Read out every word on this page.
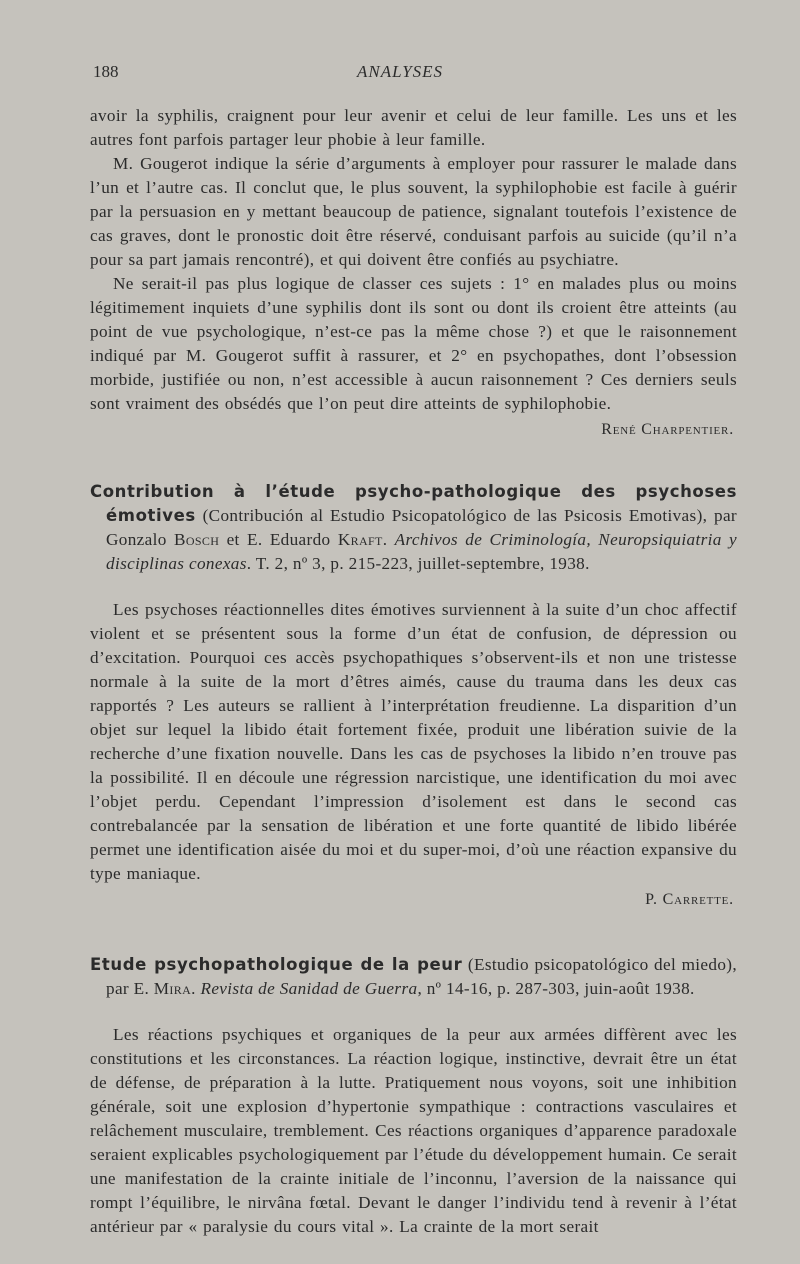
188	ANALYSES

avoir la syphilis, craignent pour leur avenir et celui de leur famille. Les uns et les autres font parfois partager leur phobie à leur famille.

M. Gougerot indique la série d’arguments à employer pour rassurer le malade dans l’un et l’autre cas. Il conclut que, le plus souvent, la syphilophobie est facile à guérir par la persuasion en y mettant beaucoup de patience, signalant toutefois l’existence de cas graves, dont le pronostic doit être réservé, conduisant parfois au suicide (qu’il n’a pour sa part jamais rencontré), et qui doivent être confiés au psychiatre.

Ne serait-il pas plus logique de classer ces sujets : 1° en malades plus ou moins légitimement inquiets d’une syphilis dont ils sont ou dont ils croient être atteints (au point de vue psychologique, n’est-ce pas la même chose ?) et que le raisonnement indiqué par M. Gougerot suffit à rassurer, et 2° en psychopathes, dont l’obsession morbide, justifiée ou non, n’est accessible à aucun raisonnement ? Ces derniers seuls sont vraiment des obsédés que l’on peut dire atteints de syphilophobie.

René Charpentier.
Contribution à l’étude psycho-pathologique des psychoses émotives (Contribución al Estudio Psicopatológico de las Psicosis Emotivas), par Gonzalo Bosch et E. Eduardo Kraft. Archivos de Criminología, Neuropsiquiatria y disciplinas conexas. T. 2, nº 3, p. 215-223, juillet-septembre, 1938.

Les psychoses réactionnelles dites émotives surviennent à la suite d’un choc affectif violent et se présentent sous la forme d’un état de confusion, de dépression ou d’excitation. Pourquoi ces accès psychopathiques s’observent-ils et non une tristesse normale à la suite de la mort d’êtres aimés, cause du trauma dans les deux cas rapportés ? Les auteurs se rallient à l’interprétation freudienne. La disparition d’un objet sur lequel la libido était fortement fixée, produit une libération suivie de la recherche d’une fixation nouvelle. Dans les cas de psychoses la libido n’en trouve pas la possibilité. Il en découle une régression narcistique, une identification du moi avec l’objet perdu. Cependant l’impression d’isolement est dans le second cas contrebalancée par la sensation de libération et une forte quantité de libido libérée permet une identification aisée du moi et du super-moi, d’où une réaction expansive du type maniaque.

P. Carrette.
Etude psychopathologique de la peur (Estudio psicopatológico del miedo), par E. Mira. Revista de Sanidad de Guerra, nº 14-16, p. 287-303, juin-août 1938.

Les réactions psychiques et organiques de la peur aux armées diffèrent avec les constitutions et les circonstances. La réaction logique, instinctive, devrait être un état de défense, de préparation à la lutte. Pratiquement nous voyons, soit une inhibition générale, soit une explosion d’hypertonie sympathique : contractions vasculaires et relâchement musculaire, tremblement. Ces réactions organiques d’apparence paradoxale seraient explicables psychologiquement par l’étude du développement humain. Ce serait une manifestation de la crainte initiale de l’inconnu, l’aversion de la naissance qui rompt l’équilibre, le nirvâna fœtal. Devant le danger l’individu tend à revenir à l’état antérieur par « paralysie du cours vital ». La crainte de la mort serait
